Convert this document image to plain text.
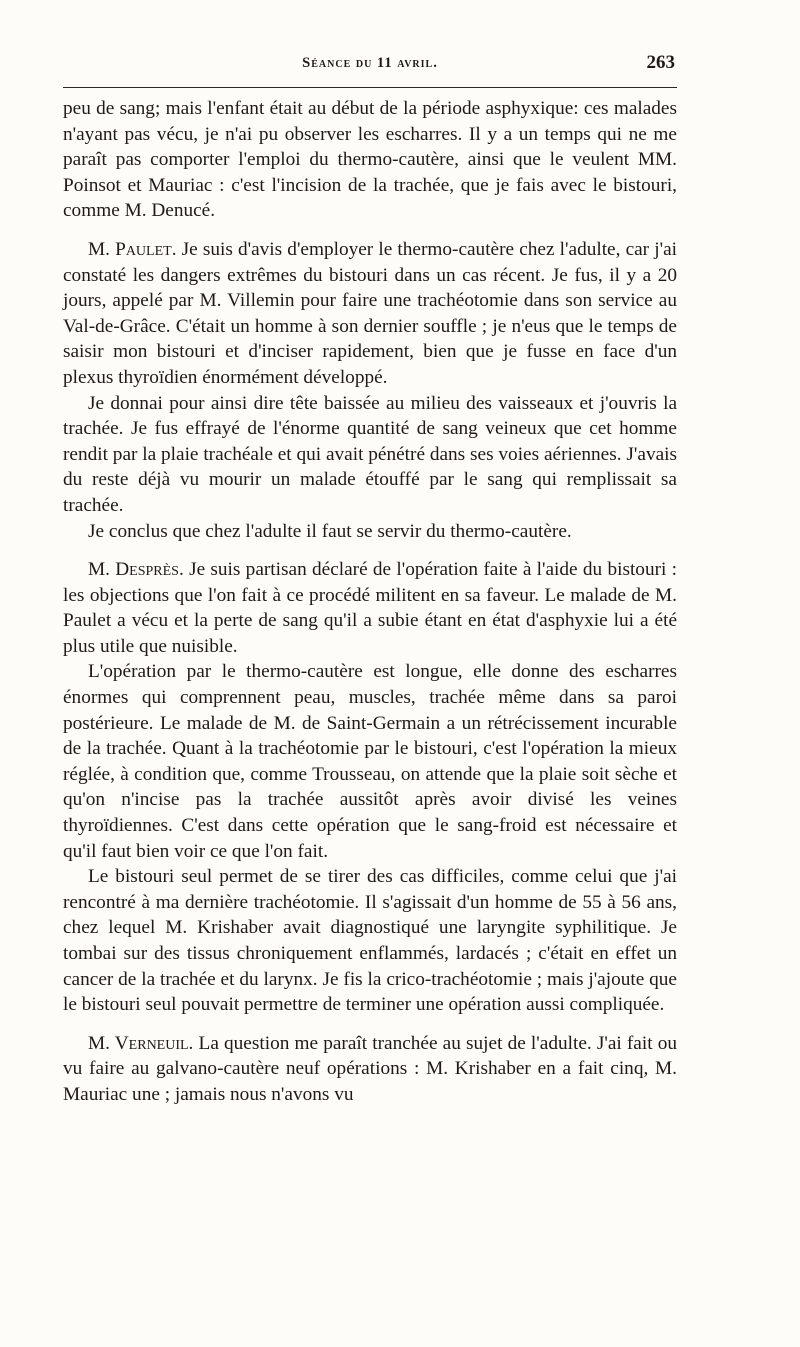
Séance du 11 avril.	263

peu de sang; mais l'enfant était au début de la période asphyxique: ces malades n'ayant pas vécu, je n'ai pu observer les escharres. Il y a un temps qui ne me paraît pas comporter l'emploi du thermo-cautère, ainsi que le veulent MM. Poinsot et Mauriac : c'est l'incision de la trachée, que je fais avec le bistouri, comme M. Denucé.

M. Paulet. Je suis d'avis d'employer le thermo-cautère chez l'adulte, car j'ai constaté les dangers extrêmes du bistouri dans un cas récent. Je fus, il y a 20 jours, appelé par M. Villemin pour faire une trachéotomie dans son service au Val-de-Grâce. C'était un homme à son dernier souffle ; je n'eus que le temps de saisir mon bistouri et d'inciser rapidement, bien que je fusse en face d'un plexus thyroïdien énormément développé.

Je donnai pour ainsi dire tête baissée au milieu des vaisseaux et j'ouvris la trachée. Je fus effrayé de l'énorme quantité de sang veineux que cet homme rendit par la plaie trachéale et qui avait pénétré dans ses voies aériennes. J'avais du reste déjà vu mourir un malade étouffé par le sang qui remplissait sa trachée.

Je conclus que chez l'adulte il faut se servir du thermo-cautère.

M. Desprès. Je suis partisan déclaré de l'opération faite à l'aide du bistouri : les objections que l'on fait à ce procédé militent en sa faveur. Le malade de M. Paulet a vécu et la perte de sang qu'il a subie étant en état d'asphyxie lui a été plus utile que nuisible.

L'opération par le thermo-cautère est longue, elle donne des escharres énormes qui comprennent peau, muscles, trachée même dans sa paroi postérieure. Le malade de M. de Saint-Germain a un rétrécissement incurable de la trachée. Quant à la trachéotomie par le bistouri, c'est l'opération la mieux réglée, à condition que, comme Trousseau, on attende que la plaie soit sèche et qu'on n'incise pas la trachée aussitôt après avoir divisé les veines thyroïdiennes. C'est dans cette opération que le sang-froid est nécessaire et qu'il faut bien voir ce que l'on fait.

Le bistouri seul permet de se tirer des cas difficiles, comme celui que j'ai rencontré à ma dernière trachéotomie. Il s'agissait d'un homme de 55 à 56 ans, chez lequel M. Krishaber avait diagnostiqué une laryngite syphilitique. Je tombai sur des tissus chroniquement enflammés, lardacés ; c'était en effet un cancer de la trachée et du larynx. Je fis la crico-trachéotomie ; mais j'ajoute que le bistouri seul pouvait permettre de terminer une opération aussi compliquée.

M. Verneuil. La question me paraît tranchée au sujet de l'adulte. J'ai fait ou vu faire au galvano-cautère neuf opérations : M. Krishaber en a fait cinq, M. Mauriac une ; jamais nous n'avons vu
